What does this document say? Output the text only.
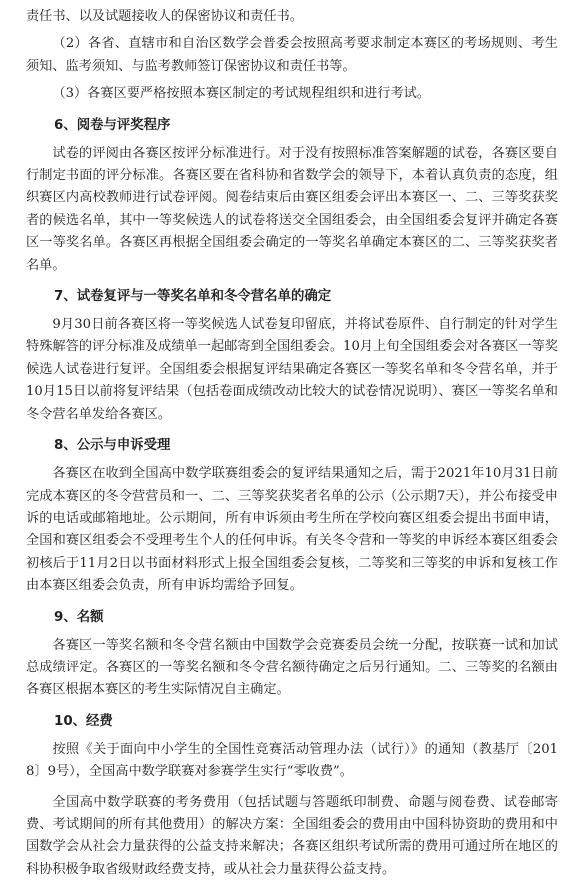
责任书、以及试题接收人的保密协议和责任书。

（2）各省、直辖市和自治区数学会普委会按照高考要求制定本赛区的考场规则、考生须知、监考须知、与监考教师签订保密协议和责任书等。

（3）各赛区要严格按照本赛区制定的考试规程组织和进行考试。

6、阅卷与评奖程序

试卷的评阅由各赛区按评分标准进行。对于没有按照标准答案解题的试卷，各赛区要自行制定书面的评分标准。各赛区要在省科协和省数学会的领导下，本着认真负责的态度，组织赛区内高校教师进行试卷评阅。阅卷结束后由赛区组委会评出本赛区一、二、三等奖获奖者的候选名单，其中一等奖候选人的试卷将送交全国组委会，由全国组委会复评并确定各赛区一等奖名单。各赛区再根据全国组委会确定的一等奖名单确定本赛区的二、三等奖获奖者名单。

7、试卷复评与一等奖名单和冬令营名单的确定

9月30日前各赛区将一等奖候选人试卷复印留底，并将试卷原件、自行制定的针对学生特殊解答的评分标准及成绩单一起邮寄到全国组委会。10月上旬全国组委会对各赛区一等奖候选人试卷进行复评。全国组委会根据复评结果确定各赛区一等奖名单和冬令营名单，并于10月15日以前将复评结果（包括卷面成绩改动比较大的试卷情况说明）、赛区一等奖名单和冬令营名单发给各赛区。

8、公示与申诉受理

各赛区在收到全国高中数学联赛组委会的复评结果通知之后，需于2021年10月31日前完成本赛区的冬令营营员和一、二、三等奖获奖者名单的公示（公示期7天），并公布接受申诉的电话或邮箱地址。公示期间，所有申诉须由考生所在学校向赛区组委会提出书面申请，全国和赛区组委会不受理考生个人的任何申诉。有关冬令营和一等奖的申诉经本赛区组委会初核后于11月2日以书面材料形式上报全国组委会复核，二等奖和三等奖的申诉和复核工作由本赛区组委会负责，所有申诉均需给予回复。

9、名额

各赛区一等奖名额和冬令营名额由中国数学会竞赛委员会统一分配，按联赛一试和加试总成绩评定。各赛区的一等奖名额和冬令营名额待确定之后另行通知。二、三等奖的名额由各赛区根据本赛区的考生实际情况自主确定。

10、经费

按照《关于面向中小学生的全国性竞赛活动管理办法（试行）》的通知（教基厅〔2018〕9号），全国高中数学联赛对参赛学生实行“零收费”。

全国高中数学联赛的考务费用（包括试题与答题纸印制费、命题与阅卷费、试卷邮寄费、考试期间的所有其他费用）的解决方案：全国组委会的费用由中国科协资助的费用和中国数学会从社会力量获得的公益支持来解决；各赛区组织考试所需的费用可通过所在地区的科协积极争取省级财政经费支持，或从社会力量获得公益支持。
